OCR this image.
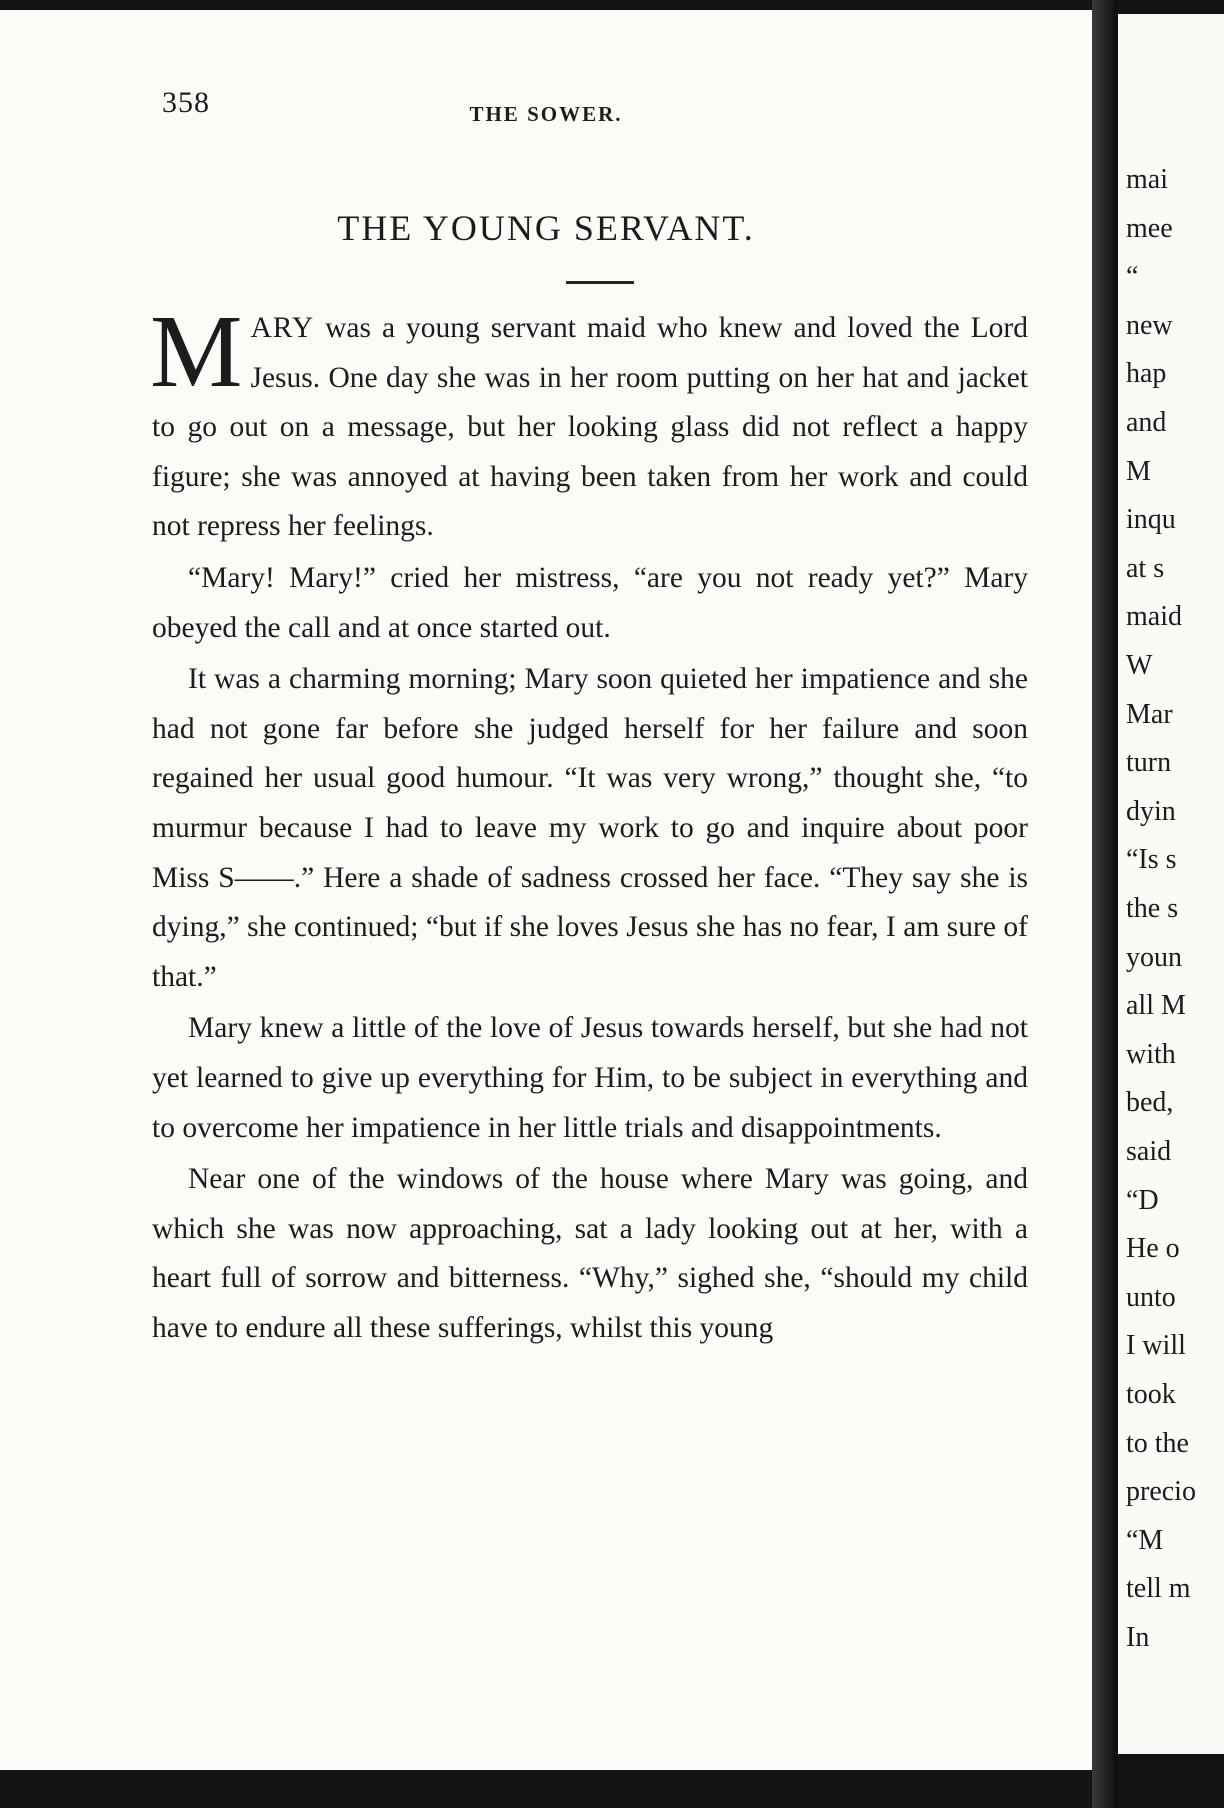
358	THE SOWER.
THE YOUNG SERVANT.

MARY was a young servant maid who knew and loved the Lord Jesus. One day she was in her room putting on her hat and jacket to go out on a message, but her looking glass did not reflect a happy figure; she was annoyed at having been taken from her work and could not repress her feelings.

“Mary! Mary!” cried her mistress, “are you not ready yet?” Mary obeyed the call and at once started out.

It was a charming morning; Mary soon quieted her impatience and she had not gone far before she judged herself for her failure and soon regained her usual good humour. “It was very wrong,” thought she, “to murmur because I had to leave my work to go and inquire about poor Miss S——.” Here a shade of sadness crossed her face. “They say she is dying,” she continued; “but if she loves Jesus she has no fear, I am sure of that.”

Mary knew a little of the love of Jesus towards herself, but she had not yet learned to give up everything for Him, to be subject in everything and to overcome her impatience in her little trials and disappointments.

Near one of the windows of the house where Mary was going, and which she was now approaching, sat a lady looking out at her, with a heart full of sorrow and bitterness. “Why,” sighed she, “should my child have to endure all these sufferings, whilst this young

mai
mee
“
new
hap
and
M
inqu
at s
maid
W
Mar
turn
dyin
“Is s
the s
youn
all M
with
bed,
said
“D
He o
unto
I will
took
to the
precio
“M
tell m
In
